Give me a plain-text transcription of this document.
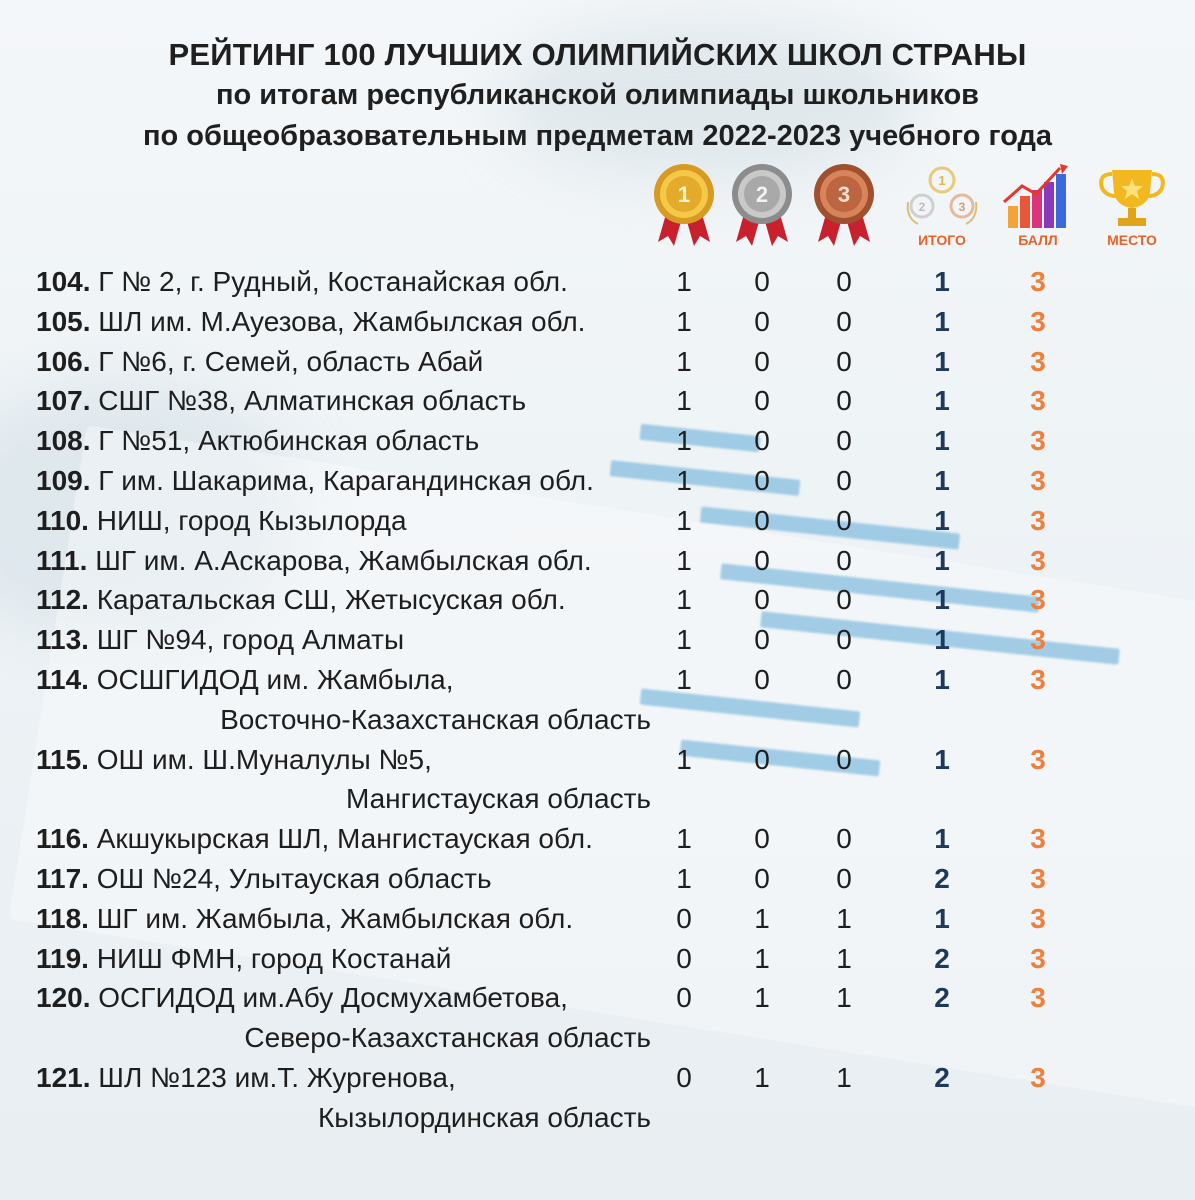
РЕЙТИНГ 100 ЛУЧШИХ ОЛИМПИЙСКИХ ШКОЛ СТРАНЫ
по итогам республиканской олимпиады школьников
по общеобразовательным предметам 2022-2023 учебного года
1	2	3
1
2	3
ИТОГО	БАЛЛ	МЕСТО
104. Г № 2, г. Рудный, Костанайская обл.	1	0	0	1	3
105. ШЛ им. М.Ауезова, Жамбылская обл.	1	0	0	1	3
106. Г №6, г. Семей, область Абай	1	0	0	1	3
107. СШГ №38, Алматинская область	1	0	0	1	3
108. Г №51, Актюбинская область	1	0	0	1	3
109. Г им. Шакарима, Карагандинская обл.	1	0	0	1	3
110. НИШ, город Кызылорда	1	0	0	1	3
111. ШГ им. А.Аскарова, Жамбылская обл.	1	0	0	1	3
112. Каратальская СШ, Жетысуская обл.	1	0	0	1	3
113. ШГ №94, город Алматы	1	0	0	1	3
114. ОСШГИДОД им. Жамбыла,	1	0	0	1	3
Восточно-Казахстанская область
115. ОШ им. Ш.Муналулы №5,	1	0	0	1	3
Мангистауская область
116. Акшукырская ШЛ, Мангистауская обл.	1	0	0	1	3
117. ОШ №24, Улытауская область	1	0	0	2	3
118. ШГ им. Жамбыла, Жамбылская обл.	0	1	1	1	3
119. НИШ ФМН, город Костанай	0	1	1	2	3
120. ОСГИДОД им.Абу Досмухамбетова,	0	1	1	2	3
Северо-Казахстанская область
121. ШЛ №123 им.Т. Жургенова,	0	1	1	2	3
Кызылординская область
